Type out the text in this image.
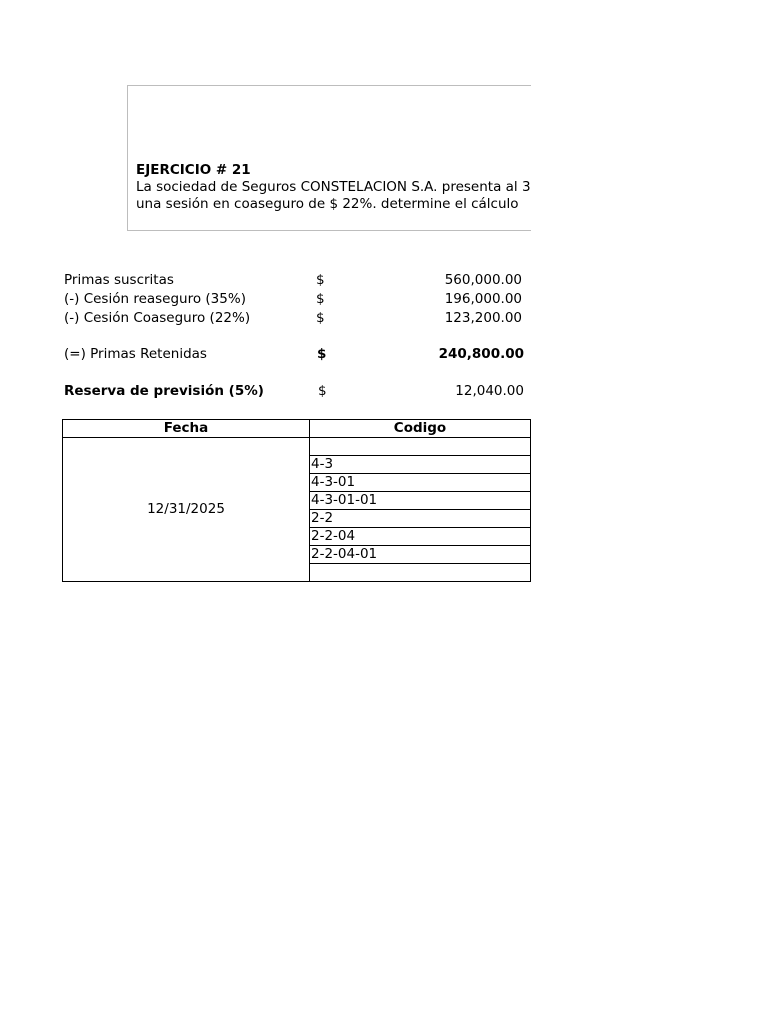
EJERCICIO # 21
La sociedad de Seguros CONSTELACION S.A. presenta al 3
una sesión en coaseguro de $ 22%. determine el cálculo
Primas suscritas	$	560,000.00
(-) Cesión reaseguro (35%)	$	196,000.00
(-) Cesión Coaseguro (22%)	$	123,200.00
(=) Primas Retenidas	$	240,800.00
Reserva de previsión (5%)	$	12,040.00
Fecha	Codigo	
12/31/2025		
	4-3	
	4-3-01	
	4-3-01-01	
	2-2	
	2-2-04	
	2-2-04-01	
